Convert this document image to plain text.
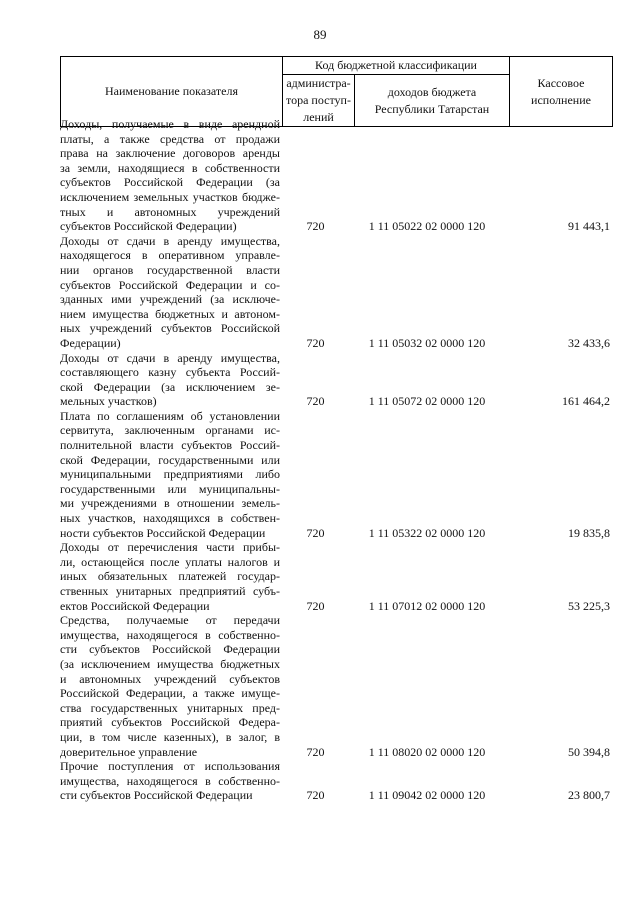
89
Наименование показателя	Код бюджетной классификации		Кассовое
исполнение

	администра-
тора поступ-
лений	доходов бюджета
Республики Татарстан	
Доходы, получаемые в виде арендной
платы, а также средства от продажи
права на заключение договоров аренды
за земли, находящиеся в собственности
субъектов Российской Федерации (за
исключением земельных участков бюдже-
тных и автономных учреждений
субъектов Российской Федерации)	720	1 11 05022 02 0000 120	91 443,1
Доходы от сдачи в аренду имущества,
находящегося в оперативном управле-
нии органов государственной власти
субъектов Российской Федерации и со-
зданных ими учреждений (за исключе-
нием имущества бюджетных и автоном-
ных учреждений субъектов Российской
Федерации)	720	1 11 05032 02 0000 120	32 433,6
Доходы от сдачи в аренду имущества,
составляющего казну субъекта Россий-
ской Федерации (за исключением зе-
мельных участков)	720	1 11 05072 02 0000 120	161 464,2
Плата по соглашениям об установлении
сервитута, заключенным органами ис-
полнительной власти субъектов Россий-
ской Федерации, государственными или
муниципальными предприятиями либо
государственными или муниципальны-
ми учреждениями в отношении земель-
ных участков, находящихся в собствен-
ности субъектов Российской Федерации	720	1 11 05322 02 0000 120	19 835,8
Доходы от перечисления части прибы-
ли, остающейся после уплаты налогов и
иных обязательных платежей государ-
ственных унитарных предприятий субъ-
ектов Российской Федерации	720	1 11 07012 02 0000 120	53 225,3
Средства, получаемые от передачи
имущества, находящегося в собственно-
сти субъектов Российской Федерации
(за исключением имущества бюджетных
и автономных учреждений субъектов
Российской Федерации, а также имуще-
ства государственных унитарных пред-
приятий субъектов Российской Федера-
ции, в том числе казенных), в залог, в
доверительное управление	720	1 11 08020 02 0000 120	50 394,8
Прочие поступления от использования
имущества, находящегося в собственно-
сти субъектов Российской Федерации	720	1 11 09042 02 0000 120	23 800,7
